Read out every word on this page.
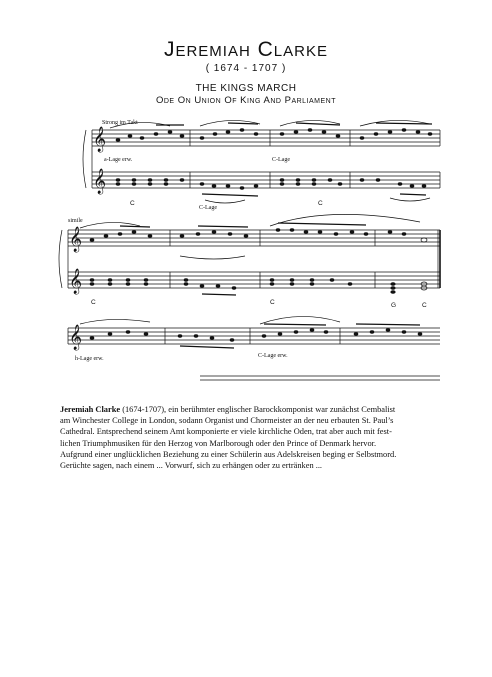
Jeremiah Clarke
( 1674 - 1707 )
THE KINGS MARCH
Ode On Union Of King And Parliament
𝄞
𝄞
𝄞
𝄞
𝄞
Strong im Takt
a-Lage erw.	C-Lage
C-Lage
C	C
simile
C	C	G	C
h-Lage erw.	C-Lage erw.
Jeremiah Clarke (1674-1707), ein berühmter englischer Barockkomponist war zunächst Cembalist
am Winchester College in London, sodann Organist und Chormeister an der neu erbauten St. Paul’s
Cathedral. Entsprechend seinem Amt komponierte er viele kirchliche Oden, trat aber auch mit fest-
lichen Triumphmusiken für den Herzog von Marlborough oder den Prince of Denmark hervor.
Aufgrund einer unglücklichen Beziehung zu einer Schülerin aus Adelskreisen beging er Selbstmord.
Gerüchte sagen, nach einem ... Vorwurf, sich zu erhängen oder zu ertränken ...
